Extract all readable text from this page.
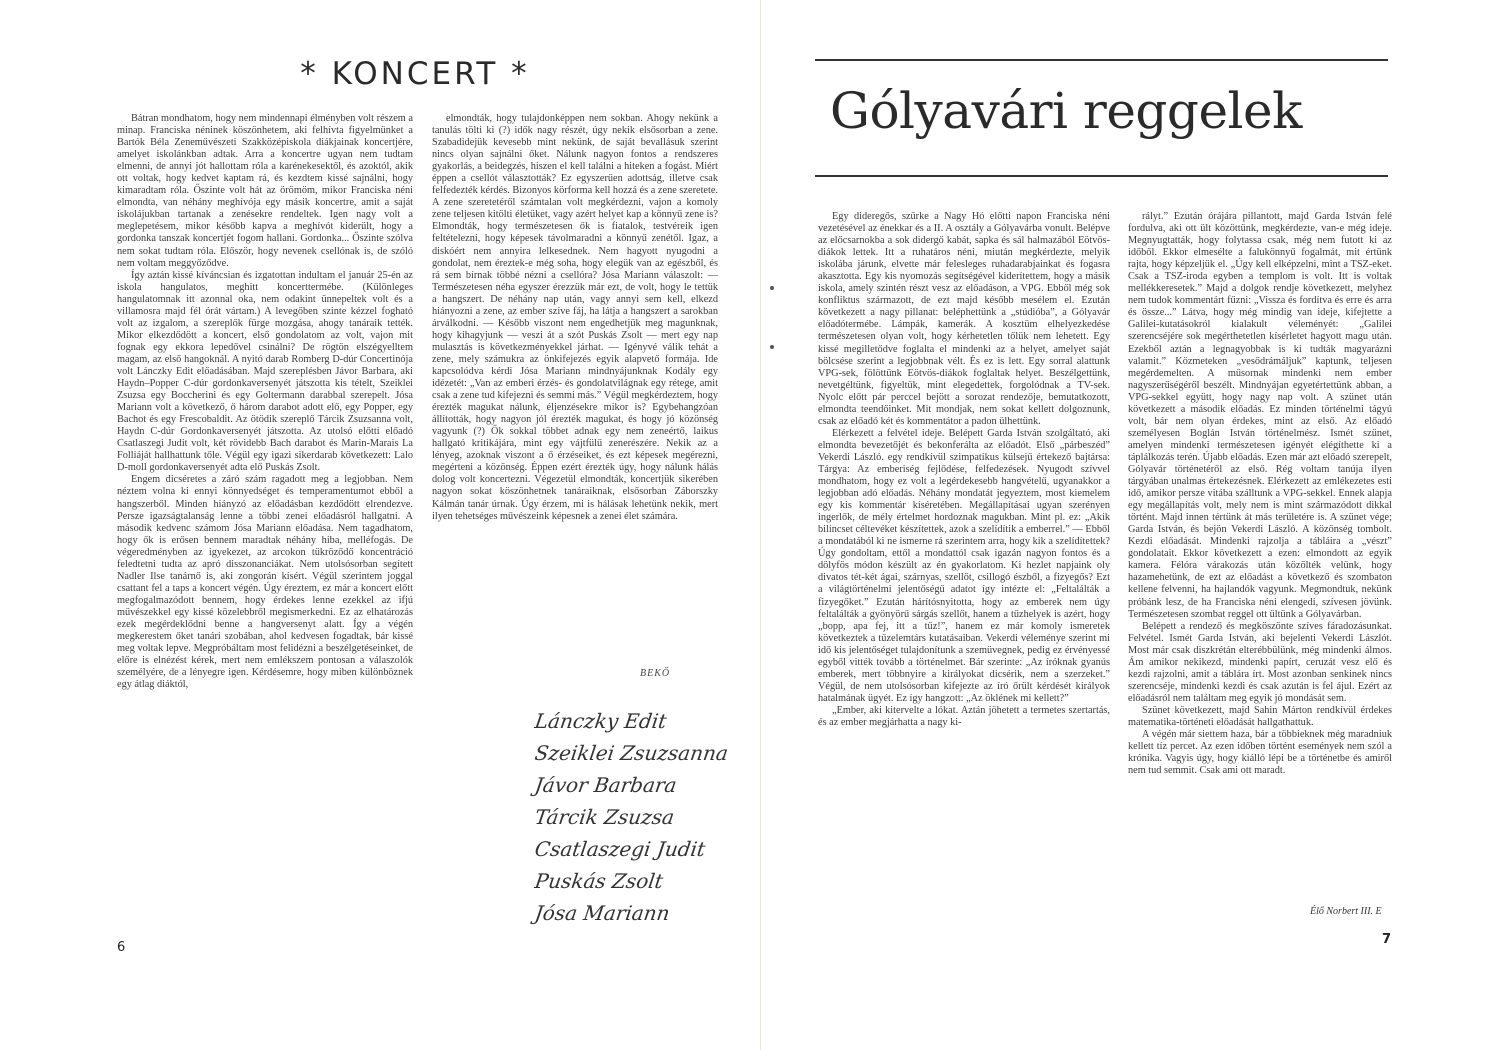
* KONCERT *

Bátran mondhatom, hogy nem mindennapi élményben volt részem a minap. Franciska néninek köszönhetem, aki felhívta figyelmünket a Bartók Béla Zeneművészeti Szakközépiskola diákjainak koncertjére, amelyet iskolánkban adtak. Arra a koncertre ugyan nem tudtam elmenni, de annyi jót hallottam róla a karénekesektől, és azoktól, akik ott voltak, hogy kedvet kaptam rá, és kezdtem kissé sajnálni, hogy kimaradtam róla. Őszinte volt hát az örömöm, mikor Franciska néni elmondta, van néhány meghívója egy másik koncertre, amit a saját iskolájukban tartanak a zenésekre rendeltek. Igen nagy volt a meglepetésem, mikor később kapva a meghívót kiderült, hogy a gordonka tanszak koncertjét fogom hallani. Gordonka... Őszinte szólva nem sokat tudtam róla. Először, hogy nevenek csellónak is, de szóló nem voltam meggyőződve.

Így aztán kissé kíváncsian és izgatottan indultam el január 25-én az iskola hangulatos, meghitt koncerttermébe. (Különleges hangulatomnak itt azonnal oka, nem odakint ünnepeltek volt és a villamosra majd fél órát vártam.) A levegőben szinte kézzel fogható volt az izgalom, a szereplők fürge mozgása, ahogy tanáraik tették. Mikor elkezdődött a koncert, első gondolatom az volt, vajon mit fognak egy ekkora lepedővel csinálni? De rögtön elszégyelltem magam, az első hangoknál. A nyitó darab Romberg D-dúr Concertinója volt Lánczky Edit előadásában. Majd szereplésben Jávor Barbara, aki Haydn–Popper C-dúr gordonkaversenyét játszotta kis tételt, Szeiklei Zsuzsa egy Boccherini és egy Goltermann darabbal szerepelt. Jósa Mariann volt a következő, ő három darabot adott elő, egy Popper, egy Bachot és egy Frescobaldit. Az ötödik szereplő Tárcik Zsuzsanna volt, Haydn C-dúr Gordonkaversenyét játszotta. Az utolsó előtti előadó Csatlaszegi Judit volt, két rövidebb Bach darabot és Marin-Marais La Folliáját hallhattunk tőle. Végül egy igazi sikerdarab következett: Lalo D-moll gordonkaversenyét adta elő Puskás Zsolt.

Engem dicséretes a záró szám ragadott meg a legjobban. Nem néztem volna ki ennyi könnyedséget és temperamentumot ebből a hangszerből. Minden hiányzó az előadásban kezdődött elrendezve. Persze igazságtalanság lenne a többi zenei előadásról hallgatni. A második kedvenc számom Jósa Mariann előadása. Nem tagadhatom, hogy ők is erősen bennem maradtak néhány hiba, melléfogás. De végeredményben az igyekezet, az arcokon tükröződő koncentráció feledtetni tudta az apró disszonanciákat. Nem utolsósorban segített Nadler Ilse tanárnő is, aki zongorán kísért. Végül szerintem joggal csattant fel a taps a koncert végén. Úgy éreztem, ez már a koncert előtt megfogalmazódott bennem, hogy érdekes lenne ezekkel az ifjú művészekkel egy kissé közelebbről megismerkedni. Ez az elhatározás ezek megérdeklődni benne a hangversenyt alatt. Így a végén megkerestem őket tanári szobában, ahol kedvesen fogadtak, bár kissé meg voltak lepve. Megpróbáltam most felidézni a beszélgetéseinket, de előre is elnézést kérek, mert nem emlékszem pontosan a válaszolók személyére, de a lényegre igen. Kérdésemre, hogy miben különböznek egy átlag diáktól,

elmondták, hogy tulajdonképpen nem sokban. Ahogy nekünk a tanulás tölti ki (?) idők nagy részét, úgy nekik elsősorban a zene. Szabadidejük kevesebb mint nekünk, de saját bevallásuk szerint nincs olyan sajnálni őket. Nálunk nagyon fontos a rendszeres gyakorlás, a beidegzés, hiszen el kell találni a hiteken a fogást. Miért éppen a csellót választották? Ez egyszerűen adottság, illetve csak felfedezték kérdés. Bizonyos körforma kell hozzá és a zene szeretete. A zene szeretetéről számtalan volt megkérdezni, vajon a komoly zene teljesen kitölti életüket, vagy azért helyet kap a könnyű zene is? Elmondták, hogy természetesen ők is fiatalok, testvéreik igen feltételezni, hogy képesek távolmaradni a könnyű zenétől. Igaz, a diskóért nem annyira lelkesednek. Nem hagyott nyugodni a gondolat, nem éreztek-e még soha, hogy elegük van az egészből, és rá sem bírnak többé nézni a csellóra? Jósa Mariann válaszolt: — Természetesen néha egyszer érezzük már ezt, de volt, hogy le tettük a hangszert. De néhány nap után, vagy annyi sem kell, elkezd hiányozni a zene, az ember szíve fáj, ha látja a hangszert a sarokban árválkodni. — Később viszont nem engedhetjük meg magunknak, hogy kihagyjunk — veszi át a szót Puskás Zsolt — mert egy nap mulasztás is következményekkel járhat. — Igényvé válik tehát a zene, mely számukra az önkifejezés egyik alapvető formája. Ide kapcsolódva kérdi Jósa Mariann mindnyájunknak Kodály egy idézetét: „Van az emberi érzés- és gondolatvilágnak egy rétege, amit csak a zene tud kifejezni és semmi más.” Végül megkérdeztem, hogy érezték magukat nálunk, éljenzésekre mikor is? Egybehangzóan állították, hogy nagyon jól érezték magukat, és hogy jó közönség vagyunk (?) Ők sokkal többet adnak egy nem zeneértő, laikus hallgató kritikájára, mint egy vájtfülű zenerészére. Nekik az a lényeg, azoknak viszont a ő érzéseiket, és ezt képesek megérezni, megérteni a közönség. Éppen ezért érezték úgy, hogy nálunk hálás dolog volt koncertezni. Végezetül elmondták, koncertjük sikerében nagyon sokat köszönhetnek tanáraiknak, elsősorban Záborszky Kálmán tanár úrnak. Úgy érzem, mi is hálásak lehetünk nekik, mert ilyen tehetséges művészeink képesnek a zenei élet számára.

BEKŐ
Lánczky Edit
Szeiklei Zsuzsanna
Jávor Barbara
Tárcik Zsuzsa
Csatlaszegi Judit
Puskás Zsolt
Jósa Mariann
6
Gólyavári reggelek

Egy dideregős, szürke a Nagy Hó előtti napon Franciska néni vezetésével az énekkar és a II. A osztály a Gólyavárba vonult. Belépve az előcsarnokba a sok didergő kabát, sapka és sál halmazából Eötvös-diákok lettek. Itt a ruhatáros néni, miután megkérdezte, melyik iskolába járunk, elvette már felesleges ruhadarabjainkat és fogasra akasztotta. Egy kis nyomozás segítségével kiderítettem, hogy a másik iskola, amely szintén részt vesz az előadáson, a VPG. Ebből még sok konfliktus származott, de ezt majd később mesélem el. Ezután következett a nagy pillanat: beléphettünk a „stúdióba”, a Gólyavár előadótermébe. Lámpák, kamerák. A kosztüm elhelyezkedése természetesen olyan volt, hogy kérhetetlen tőlük nem lehetett. Egy kissé megilletődve foglalta el mindenki az a helyet, amelyet saját bölcsése szerint a legjobbnak vélt. És ez is lett. Egy sorral alattunk VPG-sek, fölöttünk Eötvös-diákok foglaltak helyet. Beszélgettünk, nevetgéltünk, figyeltük, mint elegedettek, forgolódnak a TV-sek. Nyolc előtt pár perccel bejött a sorozat rendezője, bemutatkozott, elmondta teendőinket. Mit mondjak, nem sokat kellett dolgoznunk, csak az előadó két és kommentátor a padon ülhettünk.

Elérkezett a felvétel ideje. Belépett Garda István szolgáltató, aki elmondta bevezetőjét és bekonferálta az előadót. Első „párbeszéd” Vekerdi László. egy rendkívül szimpatikus külsejű értekező bajtársa: Tárgya: Az emberiség fejlődése, felfedezések. Nyugodt szívvel mondhatom, hogy ez volt a legérdekesebb hangvételű, ugyanakkor a legjobban adó előadás. Néhány mondatát jegyeztem, most kiemelem egy kis kommentár kíséretében. Megállapításai ugyan szerényen ingerlők, de mély értelmet hordoznak magukban. Mint pl. ez: „Akik bilincset céltevéket készítettek, azok a szelídítik a emberrel.” — Ebből a mondatából ki ne ismerne rá szerintem arra, hogy kik a szelídítettek? Úgy gondoltam, ettől a mondattól csak igazán nagyon fontos és a dölyfös módon készült az én gyakorlatom. Ki hezlet napjaink oly divatos tét-két ágai, szárnyas, szellőt, csillogó észből, a fizyegős? Ezt a világtörténelmi jelentőségű adatot így intézte el: „Feltalálták a fizyegőket.” Ezután hárítósnyitotta, hogy az emberek nem úgy feltalálták a gyönyörű sárgás szellőt, hanem a tűzhelyek is azért, hogy „bopp, apa fej, itt a tűz!”, hanem ez már komoly ismeretek következtek a tűzelemtárs kutatásaiban. Vekerdi véleménye szerint mi idő kis jelentőséget tulajdonítunk a szemüvegnek, pedig ez érvényessé egyből vitték tovább a történelmet. Bár szerinte: „Az íróknak gyanús emberek, mert többnyire a királyokat dicsérik, nem a szerzeket.” Végül, de nem utolsósorban kifejezte az író őrült kérdését királyok hatalmának ügyét. Ez így hangzott: „Az öklének mi kellett?”

„Ember, aki kitervelte a lókat. Aztán jöhetett a termetes szertartás, és az ember megjárhatta a nagy ki-

rályt.” Ezután órájára pillantott, majd Garda István felé fordulva, aki ott ült közöttünk, megkérdezte, van-e még ideje. Megnyugtatták, hogy folytassa csak, még nem futott ki az időből. Ekkor elmesélte a falukönnyű fogalmát, mit értünk rajta, hogy képzeljük el. „Úgy kell elképzelni, mint a TSZ-eket. Csak a TSZ-iroda egyben a templom is volt. Itt is voltak mellékkeresetek.” Majd a dolgok rendje következett, melyhez nem tudok kommentárt fűzni: „Vissza és fordítva és erre és arra és össze...” Látva, hogy még mindig van ideje, kifejtette a Galilei-kutatásokról kialakult véleményét: „Galilei szerencséjére sok megérthetetlen kísérletet hagyott magu után. Ezekből aztán a legnagyobbak is ki tudták magyarázni valamit.” Közmeteken „vesődrámáljuk” kaptunk, teljesen megérdemelten. A műsornak mindenki nem ember nagyszerűségéről beszélt. Mindnyájan egyetértettünk abban, a VPG-sekkel együtt, hogy nagy nap volt. A szünet után következett a második előadás. Ez minden történelmi tágyú volt, bár nem olyan érdekes, mint az első. Az előadó személyesen Boglán István történelmész. Ismét szünet, amelyen mindenki természetesen igényét elégíthette ki a táplálkozás terén. Újabb előadás. Ezen már azt előadó szerepelt, Gólyavár történetéről az első. Rég voltam tanúja ilyen tárgyában unalmas értekezésnek. Elérkezett az emlékezetes esti idő, amikor persze vitába szálltunk a VPG-sekkel. Ennek alapja egy megállapítás volt, mely nem is mint származódott dikkal történt. Majd innen tértünk át más területére is. A szünet vége; Garda István, és bejön Vekerdi László. A közönség tombolt. Kezdi előadását. Mindenki rajzolja a tábláira a „vészt” gondolatait. Ekkor következett a ezen: elmondott az egyik kamera. Félóra várakozás után közölték velünk, hogy hazamehetünk, de ezt az előadást a következő és szombaton kellene felvenni, ha hajlandók vagyunk. Megmondtuk, nekünk próbánk lesz, de ha Franciska néni elengedi, szívesen jövünk. Természetesen szombat reggel ott ültünk a Gólyavárban.

Belépett a rendező és megköszönte szíves fáradozásunkat. Felvétel. Ismét Garda István, aki bejelenti Vekerdi Lászlót. Most már csak diszkrétán elterébbülünk, még mindenki álmos. Ám amikor nekikezd, mindenki papírt, ceruzát vesz elő és kezdi rajzolni, amit a táblára írt. Most azonban senkinek nincs szerencséje, mindenki kezdi és csak azután is fel ájul. Ezért az előadásról nem találtam meg egyik jó mondását sem.

Szünet következett, majd Sahin Márton rendkívül érdekes matematika-történeti előadását hallgathattuk.

A végén már siettem haza, bár a többieknek még maradniuk kellett tíz percet. Az ezen időben történt események nem szól a krónika. Vagyis úgy, hogy kiálló lépi be a történetbe és amiről nem tud semmit. Csak ami ott maradt.

Élő Norbert III. E
7
